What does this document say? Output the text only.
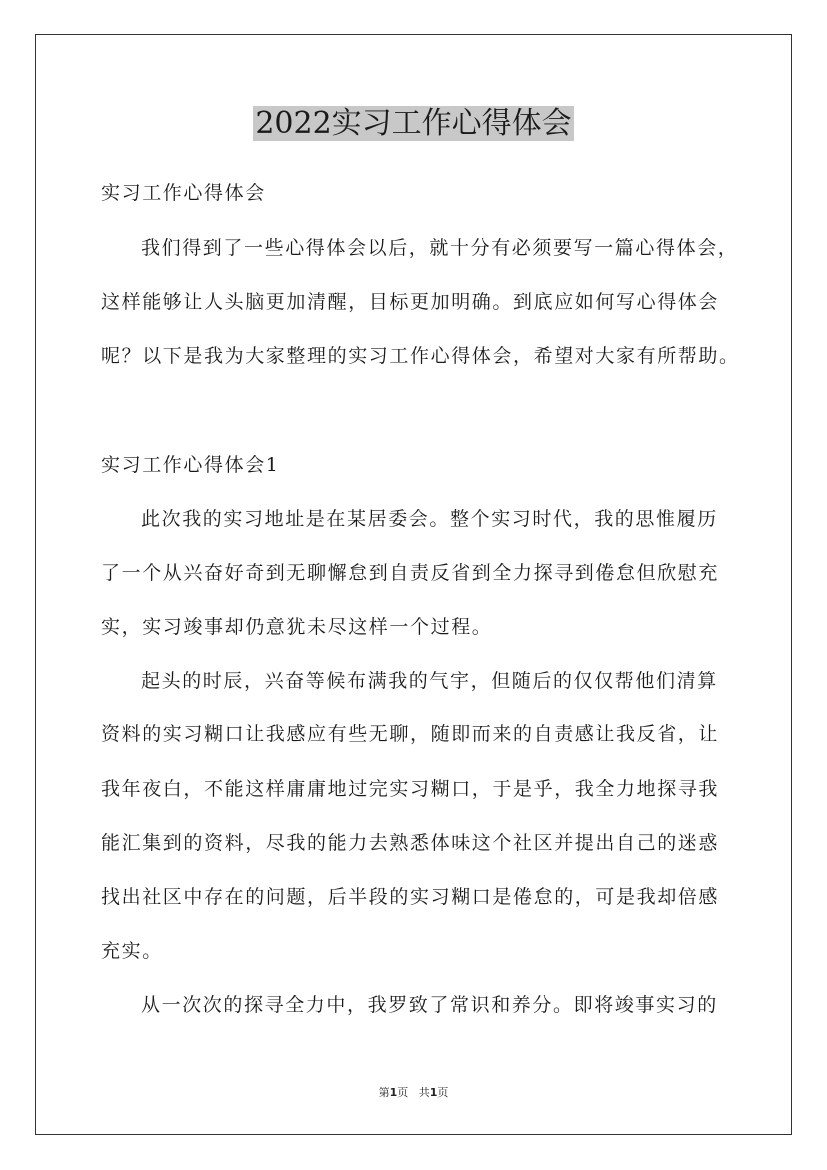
2022实习工作心得体会

实习工作心得体会

我们得到了一些心得体会以后，就十分有必须要写一篇心得体会，

这样能够让人头脑更加清醒，目标更加明确。到底应如何写心得体会

呢？以下是我为大家整理的实习工作心得体会，希望对大家有所帮助。

实习工作心得体会1

此次我的实习地址是在某居委会。整个实习时代，我的思惟履历

了一个从兴奋好奇到无聊懈怠到自责反省到全力探寻到倦怠但欣慰充

实，实习竣事却仍意犹未尽这样一个过程。

起头的时辰，兴奋等候布满我的气宇，但随后的仅仅帮他们清算

资料的实习糊口让我感应有些无聊，随即而来的自责感让我反省，让

我年夜白，不能这样庸庸地过完实习糊口，于是乎，我全力地探寻我

能汇集到的资料，尽我的能力去熟悉体味这个社区并提出自己的迷惑

找出社区中存在的问题，后半段的实习糊口是倦怠的，可是我却倍感

充实。

从一次次的探寻全力中，我罗致了常识和养分。即将竣事实习的

第1页   共1页
